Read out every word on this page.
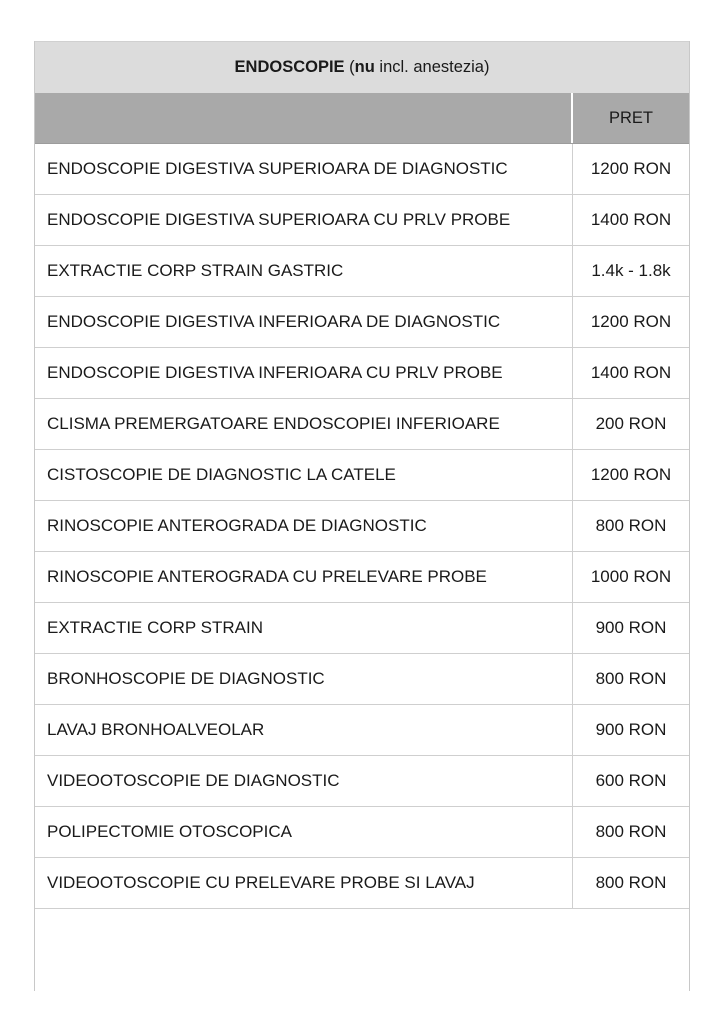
ENDOSCOPIE (nu incl. anestezia)
PRET
ENDOSCOPIE DIGESTIVA SUPERIOARA DE DIAGNOSTIC	1200 RON
ENDOSCOPIE DIGESTIVA SUPERIOARA CU PRLV PROBE	1400 RON
EXTRACTIE CORP STRAIN GASTRIC	1.4k - 1.8k
ENDOSCOPIE DIGESTIVA INFERIOARA DE DIAGNOSTIC	1200 RON
ENDOSCOPIE DIGESTIVA INFERIOARA CU PRLV PROBE	1400 RON
CLISMA PREMERGATOARE ENDOSCOPIEI INFERIOARE	200 RON
CISTOSCOPIE DE DIAGNOSTIC LA CATELE	1200 RON
RINOSCOPIE ANTEROGRADA DE DIAGNOSTIC	800 RON
RINOSCOPIE ANTEROGRADA CU PRELEVARE PROBE	1000 RON
EXTRACTIE CORP STRAIN	900 RON
BRONHOSCOPIE DE DIAGNOSTIC	800 RON
LAVAJ BRONHOALVEOLAR	900 RON
VIDEOOTOSCOPIE DE DIAGNOSTIC	600 RON
POLIPECTOMIE OTOSCOPICA	800 RON
VIDEOOTOSCOPIE CU PRELEVARE PROBE SI LAVAJ	800 RON
